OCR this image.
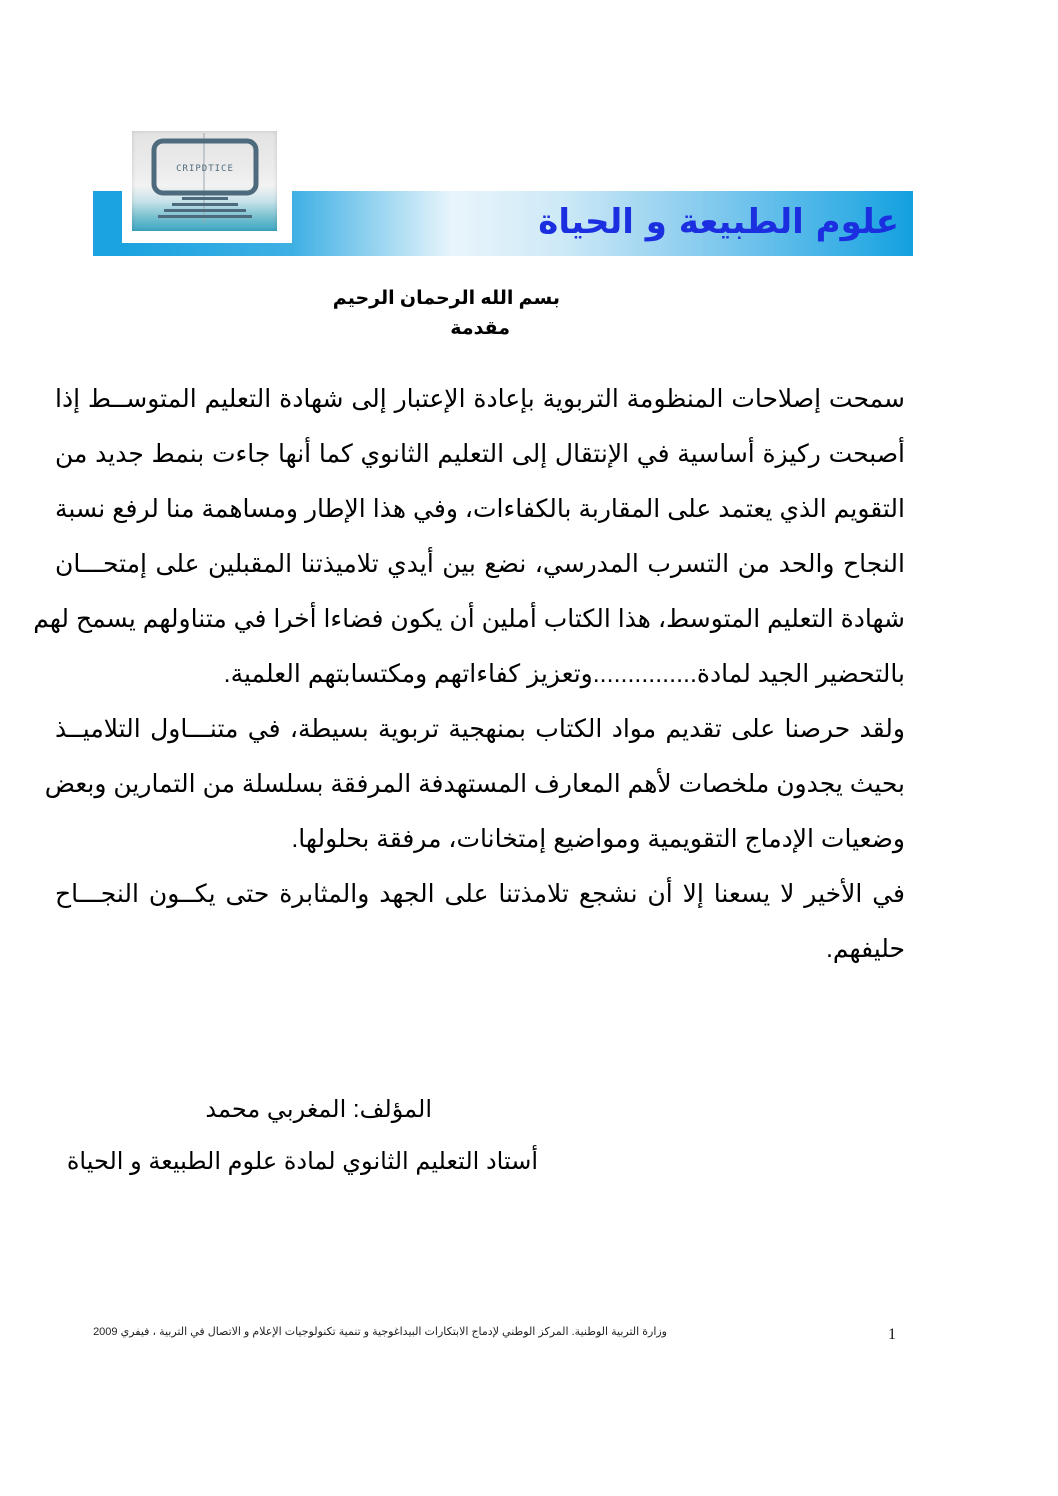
علوم الطبيعة و الحياة
CRIPDTICE
بسم الله الرحمان الرحيم
مقدمة
سمحت إصلاحات المنظومة التربوية بإعادة الإعتبار إلى شهادة التعليم المتوســط إذا
أصبحت ركيزة أساسية في الإنتقال إلى التعليم الثانوي كما أنها جاءت بنمط جديد من
التقويم الذي يعتمد على المقاربة بالكفاءات، وفي هذا الإطار ومساهمة منا لرفع نسبة
النجاح والحد من التسرب المدرسي، نضع بين أيدي تلاميذتنا المقبلين على إمتحـــان
شهادة التعليم المتوسط، هذا الكتاب أملين أن يكون فضاءا أخرا في متناولهم يسمح لهم
بالتحضير الجيد لمادة...............وتعزيز كفاءاتهم ومكتسابتهم العلمية.
ولقد حرصنا على تقديم مواد الكتاب بمنهجية تربوية بسيطة، في متنـــاول التلاميــذ
بحيث يجدون ملخصات لأهم المعارف المستهدفة المرفقة بسلسلة من التمارين وبعض
وضعيات الإدماج التقويمية ومواضيع إمتخانات، مرفقة بحلولها.
في الأخير لا يسعنا إلا أن نشجع تلامذتنا على الجهد والمثابرة حتى يكــون النجـــاح
حليفهم.
المؤلف: المغربي محمد
أستاد التعليم الثانوي لمادة علوم الطبيعة و الحياة
وزارة التربية الوطنية. المركز الوطني لإدماج الابتكارات البيداغوجية و تنمية تكنولوجيات الإعلام و الاتصال في التربية ، فيفري 2009	1
